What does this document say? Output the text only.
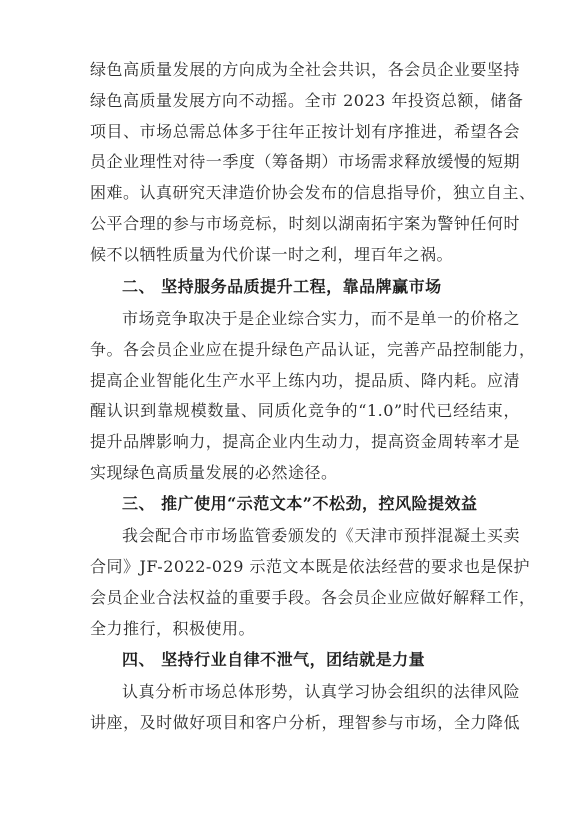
绿色高质量发展的方向成为全社会共识，各会员企业要坚持
绿色高质量发展方向不动摇。全市 2023 年投资总额，储备
项目、市场总需总体多于往年正按计划有序推进，希望各会
员企业理性对待一季度（筹备期）市场需求释放缓慢的短期
困难。认真研究天津造价协会发布的信息指导价，独立自主、
公平合理的参与市场竞标，时刻以湖南拓宇案为警钟任何时
候不以牺牲质量为代价谋一时之利，埋百年之祸。
二、 坚持服务品质提升工程，靠品牌赢市场
市场竞争取决于是企业综合实力，而不是单一的价格之
争。各会员企业应在提升绿色产品认证，完善产品控制能力，
提高企业智能化生产水平上练内功，提品质、降内耗。应清
醒认识到靠规模数量、同质化竞争的“1.0”时代已经结束，
提升品牌影响力，提高企业内生动力，提高资金周转率才是
实现绿色高质量发展的必然途径。
三、 推广使用“示范文本”不松劲，控风险提效益
我会配合市市场监管委颁发的《天津市预拌混凝土买卖
合同》JF-2022-029 示范文本既是依法经营的要求也是保护
会员企业合法权益的重要手段。各会员企业应做好解释工作，
全力推行，积极使用。
四、 坚持行业自律不泄气，团结就是力量
认真分析市场总体形势，认真学习协会组织的法律风险
讲座，及时做好项目和客户分析，理智参与市场，全力降低
